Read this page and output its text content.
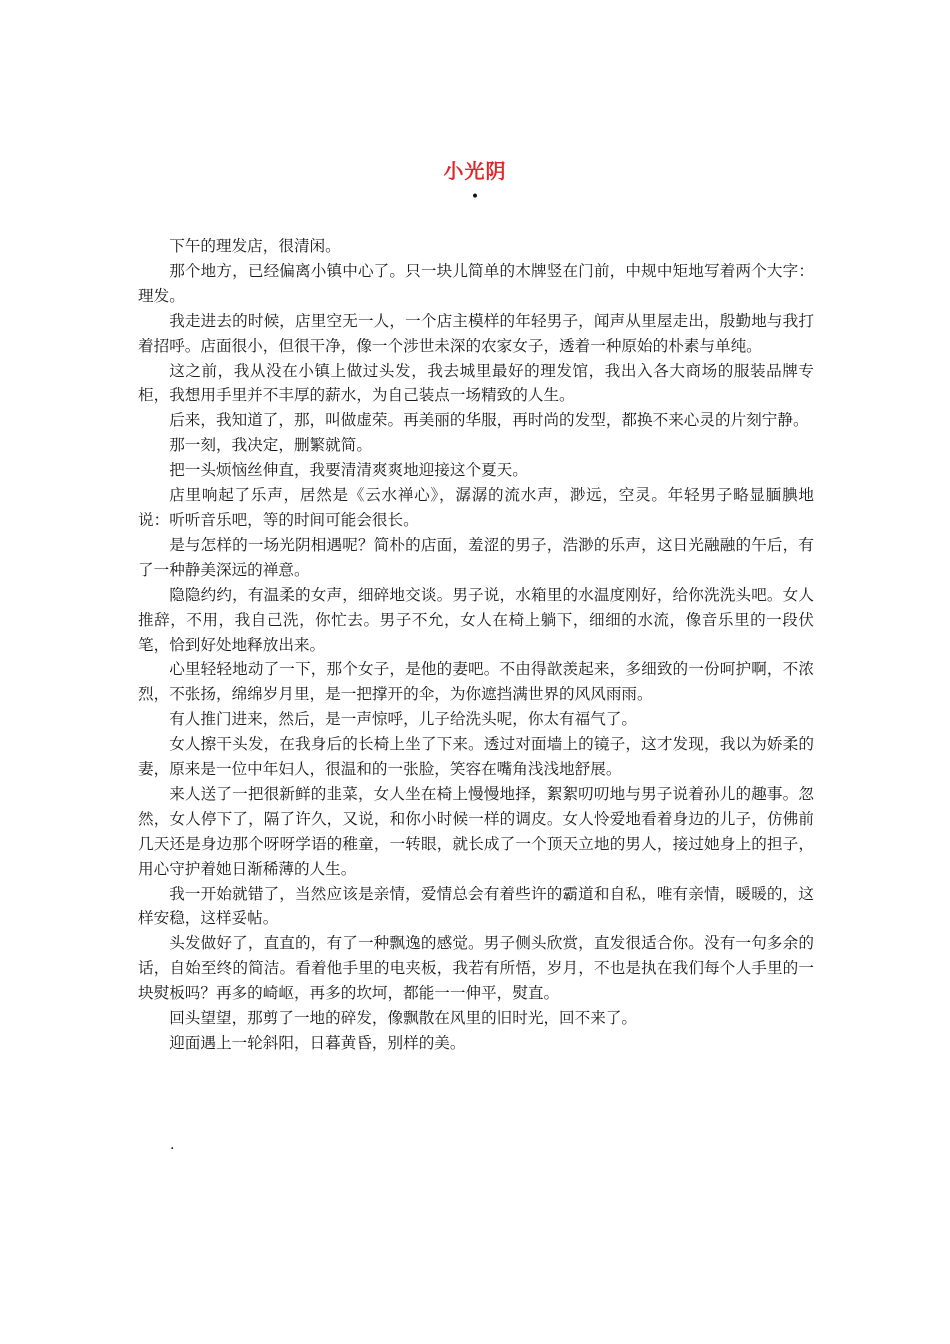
小光阴
•

下午的理发店，很清闲。

那个地方，已经偏离小镇中心了。只一块儿简单的木牌竖在门前，中规中矩地写着两个大字：理发。

我走进去的时候，店里空无一人，一个店主模样的年轻男子，闻声从里屋走出，殷勤地与我打着招呼。店面很小，但很干净，像一个涉世未深的农家女子，透着一种原始的朴素与单纯。

这之前，我从没在小镇上做过头发，我去城里最好的理发馆，我出入各大商场的服装品牌专柜，我想用手里并不丰厚的薪水，为自己装点一场精致的人生。

后来，我知道了，那，叫做虚荣。再美丽的华服，再时尚的发型，都换不来心灵的片刻宁静。

那一刻，我决定，删繁就简。

把一头烦恼丝伸直，我要清清爽爽地迎接这个夏天。

店里响起了乐声，居然是《云水禅心》，潺潺的流水声，渺远，空灵。年轻男子略显腼腆地说：听听音乐吧，等的时间可能会很长。

是与怎样的一场光阴相遇呢？简朴的店面，羞涩的男子，浩渺的乐声，这日光融融的午后，有了一种静美深远的禅意。

隐隐约约，有温柔的女声，细碎地交谈。男子说，水箱里的水温度刚好，给你洗洗头吧。女人推辞，不用，我自己洗，你忙去。男子不允，女人在椅上躺下，细细的水流，像音乐里的一段伏笔，恰到好处地释放出来。

心里轻轻地动了一下，那个女子，是他的妻吧。不由得歆羡起来，多细致的一份呵护啊，不浓烈，不张扬，绵绵岁月里，是一把撑开的伞，为你遮挡满世界的风风雨雨。

有人推门进来，然后，是一声惊呼，儿子给洗头呢，你太有福气了。

女人擦干头发，在我身后的长椅上坐了下来。透过对面墙上的镜子，这才发现，我以为娇柔的妻，原来是一位中年妇人，很温和的一张脸，笑容在嘴角浅浅地舒展。

来人送了一把很新鲜的韭菜，女人坐在椅上慢慢地择，絮絮叨叨地与男子说着孙儿的趣事。忽然，女人停下了，隔了许久，又说，和你小时候一样的调皮。女人怜爱地看着身边的儿子，仿佛前几天还是身边那个呀呀学语的稚童，一转眼，就长成了一个顶天立地的男人，接过她身上的担子，用心守护着她日渐稀薄的人生。

我一开始就错了，当然应该是亲情，爱情总会有着些许的霸道和自私，唯有亲情，暖暖的，这样安稳，这样妥帖。

头发做好了，直直的，有了一种飘逸的感觉。男子侧头欣赏，直发很适合你。没有一句多余的话，自始至终的简洁。看着他手里的电夹板，我若有所悟，岁月，不也是执在我们每个人手里的一块熨板吗？再多的崎岖，再多的坎坷，都能一一伸平，熨直。

回头望望，那剪了一地的碎发，像飘散在风里的旧时光，回不来了。

迎面遇上一轮斜阳，日暮黄昏，别样的美。

.
